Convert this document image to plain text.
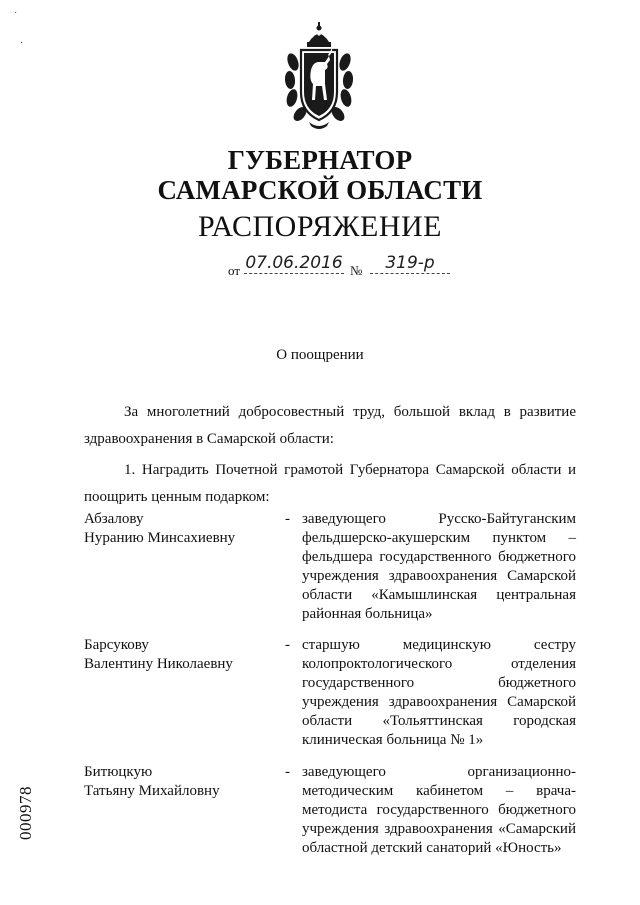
·
·
ГУБЕРНАТОР
САМАРСКОЙ ОБЛАСТИ
РАСПОРЯЖЕНИЕ
от 07.06.2016 №	319-р
О поощрении
За многолетний добросовестный труд, большой вклад в развитие здравоохранения в Самарской области:
1. Наградить Почетной грамотой Губернатора Самарской области и поощрить ценным подарком:
Абзалову
Нуранию Минсахиевну
- заведующего Русско-Байтуганским фельдшерско-акушерским пунктом – фельдшера государственного бюджетного учреждения здравоохранения Самарской области «Камышлинская центральная районная больница»
Барсукову
Валентину Николаевну
- старшую медицинскую сестру колопроктологического отделения государственного бюджетного учреждения здравоохранения Самарской области «Тольяттинская городская клиническая больница № 1»
Битюцкую
Татьяну Михайловну
- заведующего организационно-методическим кабинетом – врача-методиста государственного бюджетного учреждения здравоохранения «Самарский областной детский санаторий «Юность»
000978
